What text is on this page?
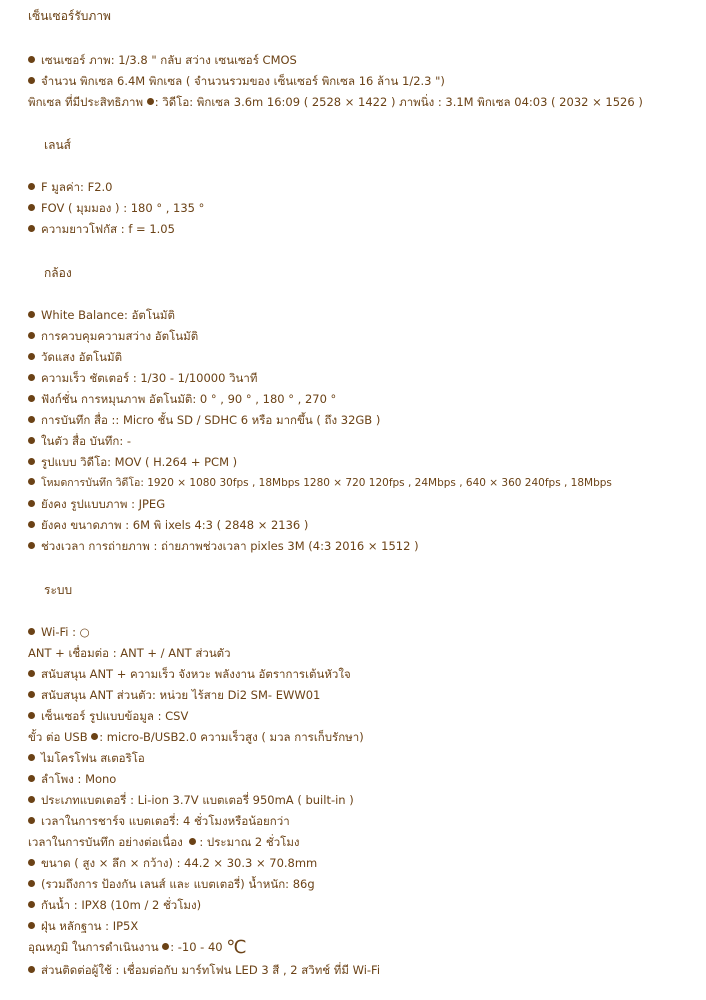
เซ็นเซอร์รับภาพ
เซนเซอร์ ภาพ: 1/3.8 " กลับ สว่าง เซนเซอร์ CMOS
จำนวน พิกเซล 6.4M พิกเซล ( จำนวนรวมของ เซ็นเซอร์ พิกเซล 16 ล้าน 1/2.3 ")
พิกเซล ที่มีประสิทธิภาพ : วิดีโอ: พิกเซล 3.6m 16:09 ( 2528 × 1422 ) ภาพนิ่ง : 3.1M พิกเซล 04:03 ( 2032 × 1526 )
เลนส์
F มูลค่า: F2.0
FOV ( มุมมอง ) : 180 ° , 135 °
ความยาวโฟกัส : f = 1.05
กล้อง
White Balance: อัตโนมัติ
การควบคุมความสว่าง อัตโนมัติ
วัดแสง อัตโนมัติ
ความเร็ว ชัตเตอร์ : 1/30 - 1/10000 วินาที
ฟังก์ชั่น การหมุนภาพ อัตโนมัติ: 0 ° , 90 ° , 180 ° , 270 °
การบันทึก สื่อ :: Micro ชั้น SD / SDHC 6 หรือ มากขึ้น ( ถึง 32GB )
ในตัว สื่อ บันทึก: -
รูปแบบ วิดีโอ: MOV ( H.264 + PCM )
โหมดการบันทึก วิดีโอ: 1920 × 1080 30fps , 18Mbps 1280 × 720 120fps , 24Mbps , 640 × 360 240fps , 18Mbps
ยังคง รูปแบบภาพ : JPEG
ยังคง ขนาดภาพ : 6M พิ ixels 4:3 ( 2848 × 2136 )
ช่วงเวลา การถ่ายภาพ : ถ่ายภาพช่วงเวลา pixles 3M (4:3 2016 × 1512 )
ระบบ
Wi-Fi : ○
ANT + เชื่อมต่อ : ANT + / ANT ส่วนตัว
สนับสนุน ANT + ความเร็ว จังหวะ พลังงาน อัตราการเต้นหัวใจ
สนับสนุน ANT ส่วนตัว: หน่วย ไร้สาย Di2 SM- EWW01
เซ็นเซอร์ รูปแบบข้อมูล : CSV
ขั้ว ต่อ USB : micro-B/USB2.0 ความเร็วสูง ( มวล การเก็บรักษา)
ไมโครโฟน สเตอริโอ
ลำโพง : Mono
ประเภทแบตเตอรี่ : Li-ion 3.7V แบตเตอรี่ 950mA ( built-in )
เวลาในการชาร์จ แบตเตอรี่: 4 ชั่วโมงหรือน้อยกว่า
เวลาในการบันทึก อย่างต่อเนื่อง : ประมาณ 2 ชั่วโมง
ขนาด ( สูง × ลึก × กว้าง) : 44.2 × 30.3 × 70.8mm
(รวมถึงการ ป้องกัน เลนส์ และ แบตเตอรี่) น้ำหนัก: 86g
กันน้ำ : IPX8 (10m / 2 ชั่วโมง)
ฝุ่น หลักฐาน : IP5X
อุณหภูมิ ในการดำเนินงาน : -10 - 40 ℃
ส่วนติดต่อผู้ใช้ : เชื่อมต่อกับ มาร์ทโฟน LED 3 สี , 2 สวิทช์ ที่มี Wi-Fi
